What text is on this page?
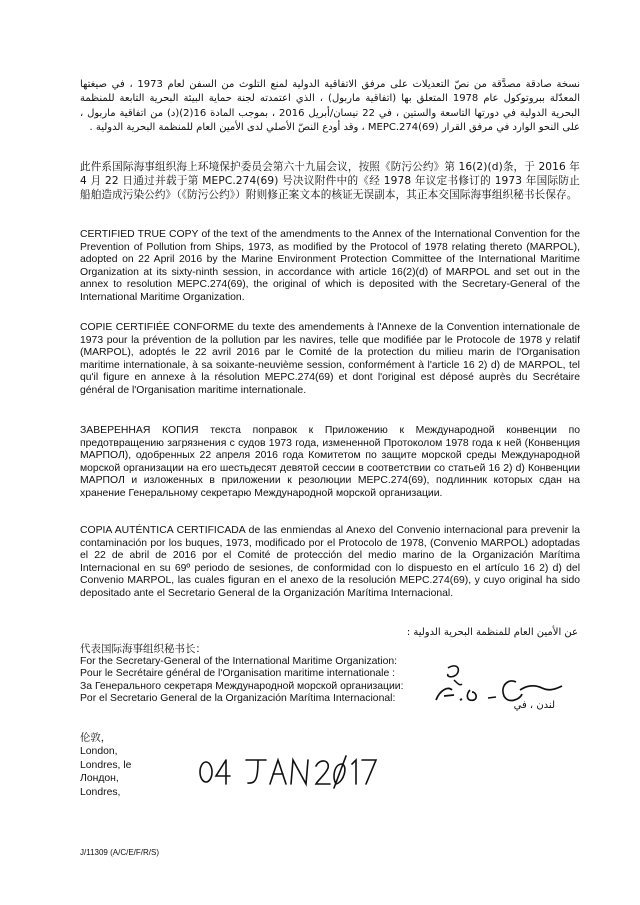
نسخة صادقة مصدَّقة من نصّ التعديلات على مرفق الاتفاقية الدولية لمنع التلوث من السفن لعام 1973 ، في صيغتها المعدّلة ببروتوكول عام 1978 المتعلق بها (اتفاقية ماربول) ، الذي اعتمدته لجنة حماية البيئة البحرية التابعة للمنظمة البحرية الدولية في دورتها التاسعة والستين ، في 22 نيسان/أبريل 2016 ، بموجب المادة 16(2)(د) من اتفاقية ماربول ، على النحو الوارد في مرفق القرار MEPC.274(69) ، وقد أودع النصّ الأصلي لدى الأمين العام للمنظمة البحرية الدولية .
此件系国际海事组织海上环境保护委员会第六十九届会议，按照《防污公约》第 16(2)(d)条，于 2016 年 4 月 22 日通过并载于第 MEPC.274(69) 号决议附件中的《经 1978 年议定书修订的 1973 年国际防止船舶造成污染公约》（《防污公约》）附则修正案文本的核证无误副本，其正本交国际海事组织秘书长保存。
CERTIFIED TRUE COPY of the text of the amendments to the Annex of the International Convention for the Prevention of Pollution from Ships, 1973, as modified by the Protocol of 1978 relating thereto (MARPOL), adopted on 22 April 2016 by the Marine Environment Protection Committee of the International Maritime Organization at its sixty-ninth session, in accordance with article 16(2)(d) of MARPOL and set out in the annex to resolution MEPC.274(69), the original of which is deposited with the Secretary-General of the International Maritime Organization.
COPIE CERTIFIÉE CONFORME du texte des amendements à l'Annexe de la Convention internationale de 1973 pour la prévention de la pollution par les navires, telle que modifiée par le Protocole de 1978 y relatif (MARPOL), adoptés le 22 avril 2016 par le Comité de la protection du milieu marin de l'Organisation maritime internationale, à sa soixante-neuvième session, conformément à l'article 16 2) d) de MARPOL, tel qu'il figure en annexe à la résolution MEPC.274(69) et dont l'original est déposé auprès du Secrétaire général de l'Organisation maritime internationale.
ЗАВЕРЕННАЯ КОПИЯ текста поправок к Приложению к Международной конвенции по предотвращению загрязнения с судов 1973 года, измененной Протоколом 1978 года к ней (Конвенция МАРПОЛ), одобренных 22 апреля 2016 года Комитетом по защите морской среды Международной морской организации на его шестьдесят девятой сессии в соответствии со статьей 16 2) d) Конвенции МАРПОЛ и изложенных в приложении к резолюции MEPC.274(69), подлинник которых сдан на хранение Генеральному секретарю Международной морской организации.
COPIA AUTÉNTICA CERTIFICADA de las enmiendas al Anexo del Convenio internacional para prevenir la contaminación por los buques, 1973, modificado por el Protocolo de 1978, (Convenio MARPOL) adoptadas el 22 de abril de 2016 por el Comité de protección del medio marino de la Organización Marítima Internacional en su 69º periodo de sesiones, de conformidad con lo dispuesto en el artículo 16 2) d) del Convenio MARPOL, las cuales figuran en el anexo de la resolución MEPC.274(69), y cuyo original ha sido depositado ante el Secretario General de la Organización Marítima Internacional.
عن الأمين العام للمنظمة البحرية الدولية :
代表国际海事组织秘书长：
For the Secretary-General of the International Maritime Organization:
Pour le Secrétaire général de l'Organisation maritime internationale :
За Генерального секретаря Международной морской организации:
Por el Secretario General de la Organización Marítima Internacional:
لندن ، في
伦敦，
London,
Londres, le
Лондон,
Londres,
J/11309 (A/C/E/F/R/S)
